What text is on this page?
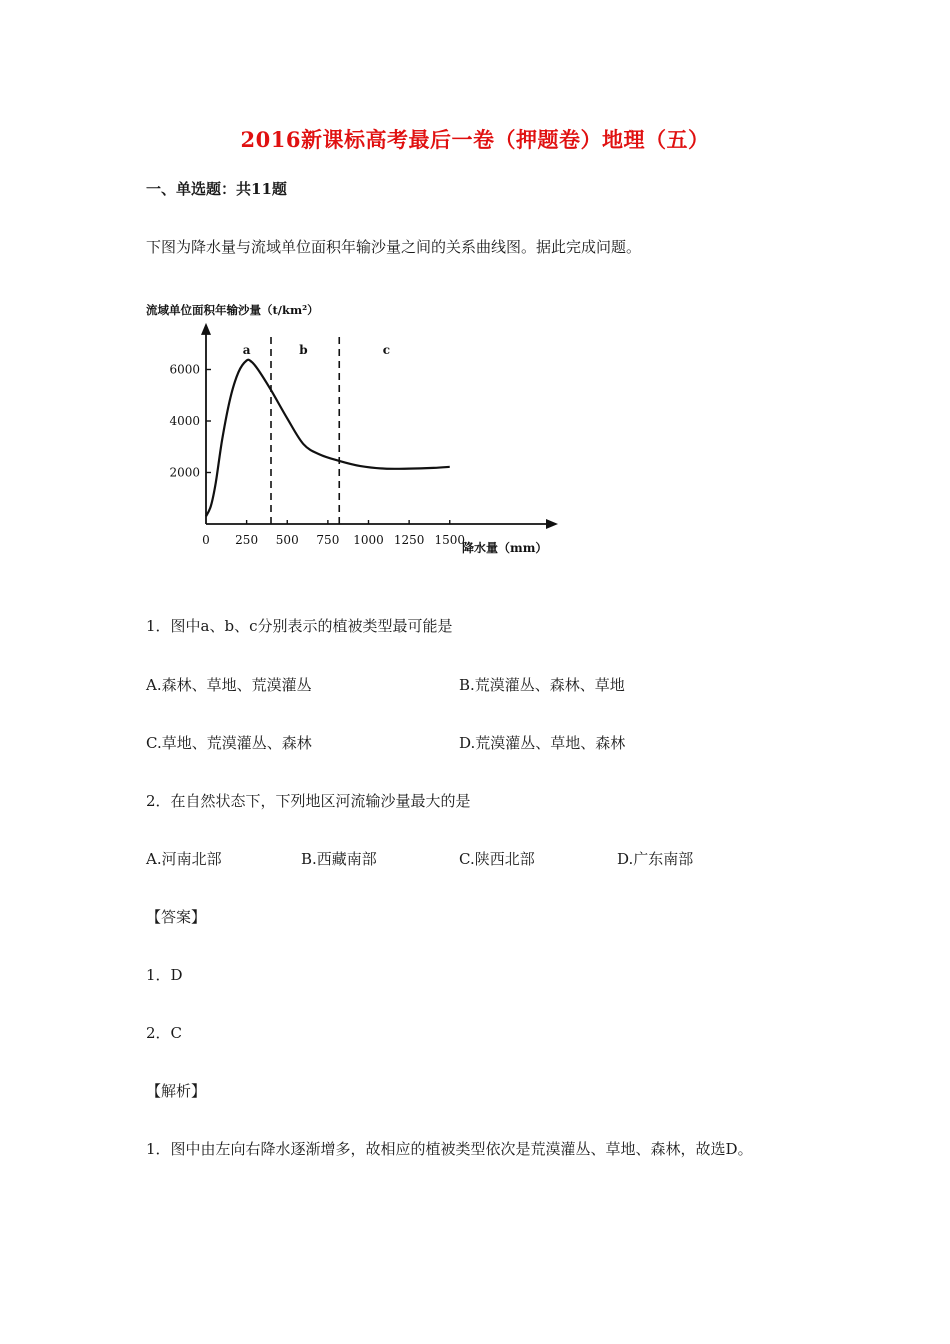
2016新课标高考最后一卷（押题卷）地理（五）
一、单选题：共11题
下图为降水量与流域单位面积年输沙量之间的关系曲线图。据此完成问题。
流域单位面积年输沙量（t/km²）
降水量（mm）
0 250 500 750 1000 1250 1500
2000
4000
6000
a	b	c
1．图中a、b、c分别表示的植被类型最可能是
A.森林、草地、荒漠灌丛	B.荒漠灌丛、森林、草地
C.草地、荒漠灌丛、森林	D.荒漠灌丛、草地、森林
2．在自然状态下，下列地区河流输沙量最大的是
A.河南北部	B.西藏南部	C.陕西北部	D.广东南部
【答案】
1．D
2．C
【解析】
1．图中由左向右降水逐渐增多，故相应的植被类型依次是荒漠灌丛、草地、森林，故选D。
